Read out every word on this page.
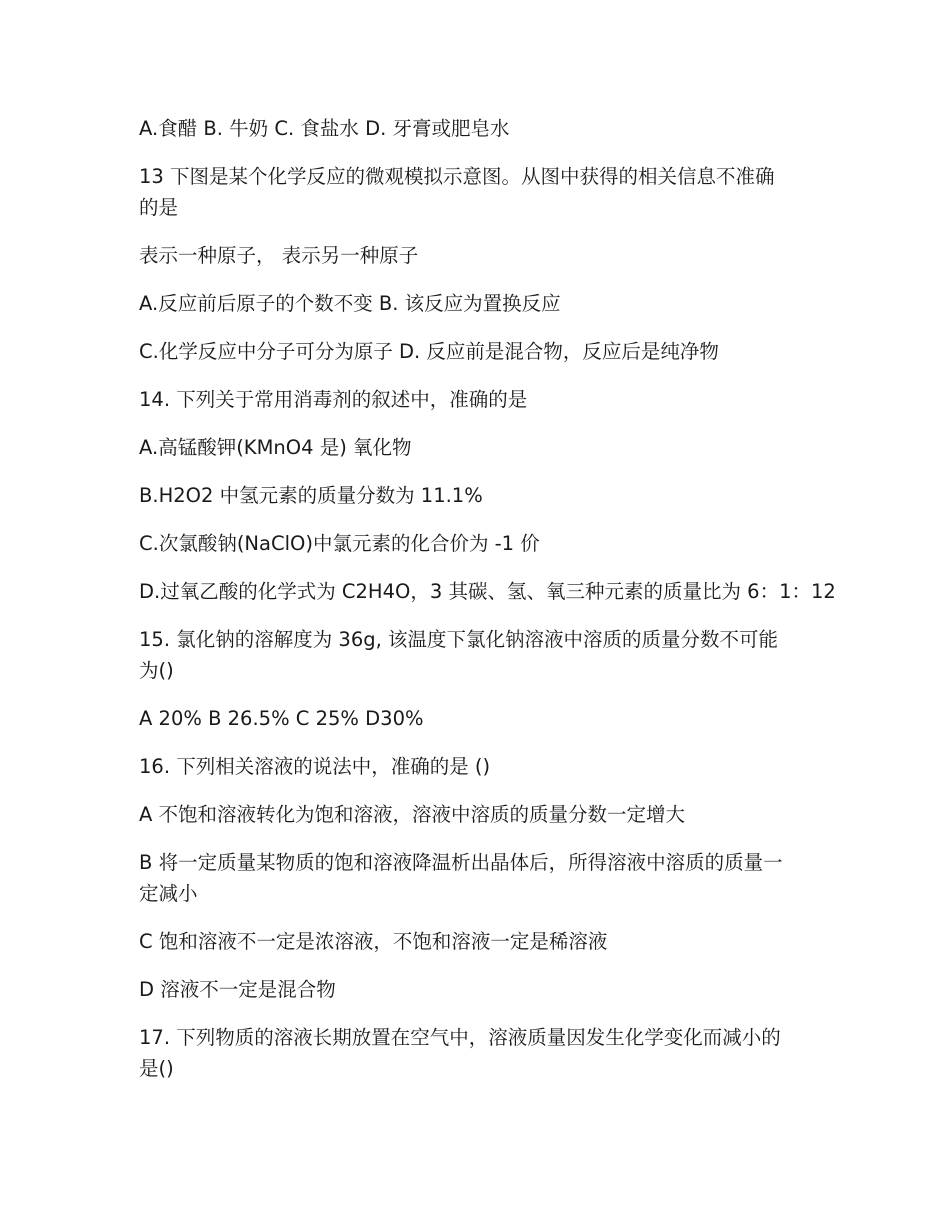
A.食醋 B. 牛奶 C. 食盐水 D. 牙膏或肥皂水

13 下图是某个化学反应的微观模拟示意图。从图中获得的相关信息不准确的是

表示一种原子， 表示另一种原子

A.反应前后原子的个数不变 B. 该反应为置换反应

C.化学反应中分子可分为原子 D. 反应前是混合物，反应后是纯净物

14. 下列关于常用消毒剂的叙述中，准确的是

A.高锰酸钾(KMnO4 是) 氧化物

B.H2O2 中氢元素的质量分数为 11.1%

C.次氯酸钠(NaClO)中氯元素的化合价为 -1 价

D.过氧乙酸的化学式为 C2H4O，3 其碳、氢、氧三种元素的质量比为 6：1：12

15. 氯化钠的溶解度为 36g, 该温度下氯化钠溶液中溶质的质量分数不可能为()

A 20% B 26.5% C 25% D30%

16. 下列相关溶液的说法中，准确的是 ()

A 不饱和溶液转化为饱和溶液，溶液中溶质的质量分数一定增大

B 将一定质量某物质的饱和溶液降温析出晶体后，所得溶液中溶质的质量一定减小

C 饱和溶液不一定是浓溶液，不饱和溶液一定是稀溶液

D 溶液不一定是混合物

17. 下列物质的溶液长期放置在空气中，溶液质量因发生化学变化而减小的是()
